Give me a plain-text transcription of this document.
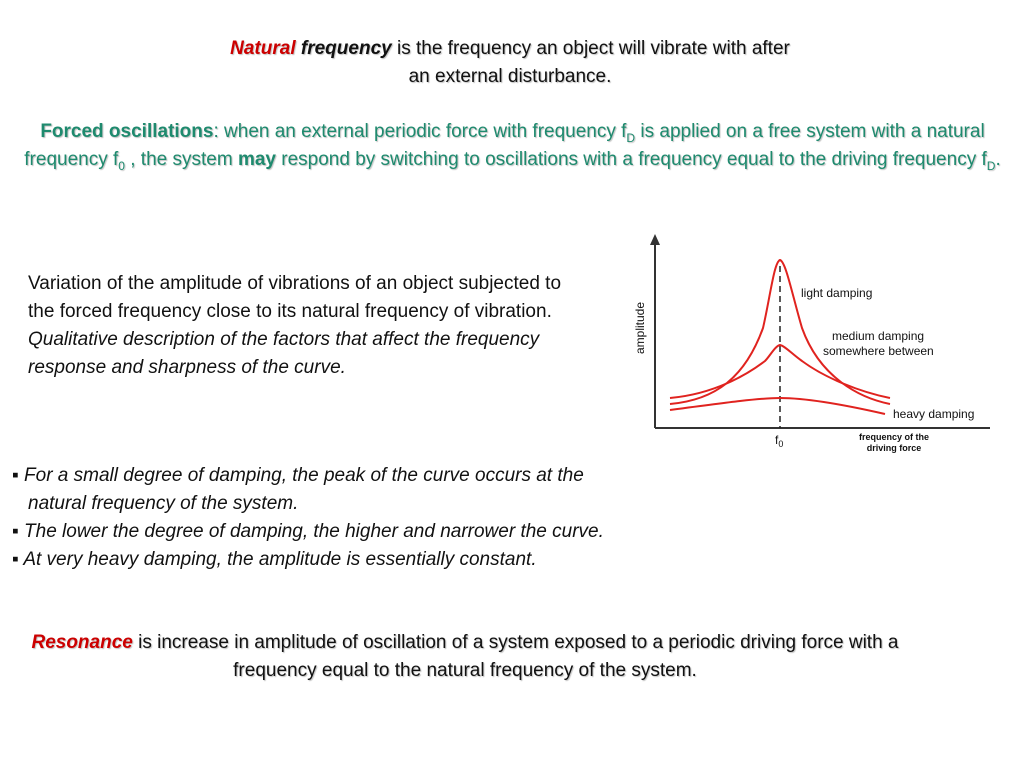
Natural frequency is the frequency an object will vibrate with after
an external disturbance.
Forced oscillations: when an external periodic force with frequency $f_D$ is applied on a free system with a natural frequency $f_0$ , the system may respond by switching to oscillations with a frequency equal to the driving frequency $f_D$.
Variation of the amplitude of vibrations of an object subjected to the forced frequency close to its natural frequency of vibration.
Qualitative description of the factors that affect the frequency response and sharpness of the curve.
amplitude
light damping
medium damping
somewhere between
heavy damping
$f_0$
frequency of the
driving force
▪ For a small degree of damping, the peak of the curve occurs at the
natural frequency of the system.
▪ The lower the degree of damping, the higher and narrower the curve.
▪ At very heavy damping, the amplitude is essentially constant.
Resonance is increase in amplitude of oscillation of a system exposed to a periodic driving force with a frequency equal to the natural frequency of the system.
